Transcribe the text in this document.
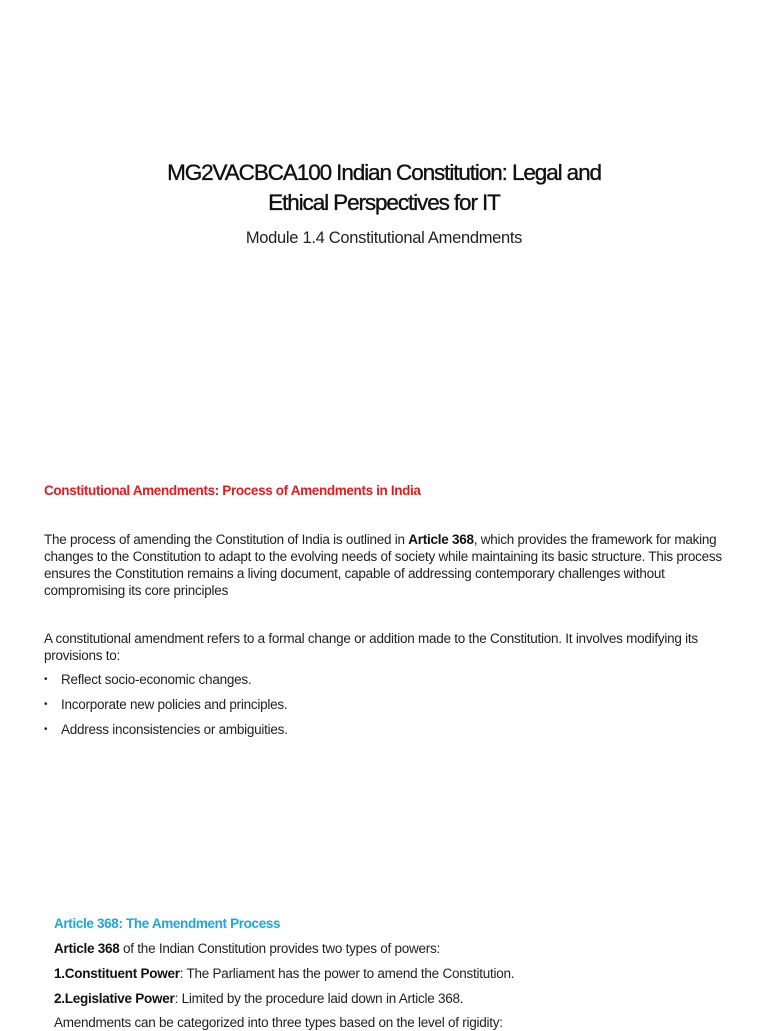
MG2VACBCA100 Indian Constitution: Legal and
Ethical Perspectives for IT

Module 1.4 Constitutional Amendments

Constitutional Amendments: Process of Amendments in India

The process of amending the Constitution of India is outlined in Article 368, which provides the framework for making changes to the Constitution to adapt to the evolving needs of society while maintaining its basic structure. This process ensures the Constitution remains a living document, capable of addressing contemporary challenges without compromising its core principles

A constitutional amendment refers to a formal change or addition made to the Constitution. It involves modifying its provisions to:

•	Reflect socio-economic changes.
•	Incorporate new policies and principles.
•	Address inconsistencies or ambiguities.
Article 368: The Amendment Process

Article 368 of the Indian Constitution provides two types of powers:

1.Constituent Power: The Parliament has the power to amend the Constitution.

2.Legislative Power: Limited by the procedure laid down in Article 368.

Amendments can be categorized into three types based on the level of rigidity:
